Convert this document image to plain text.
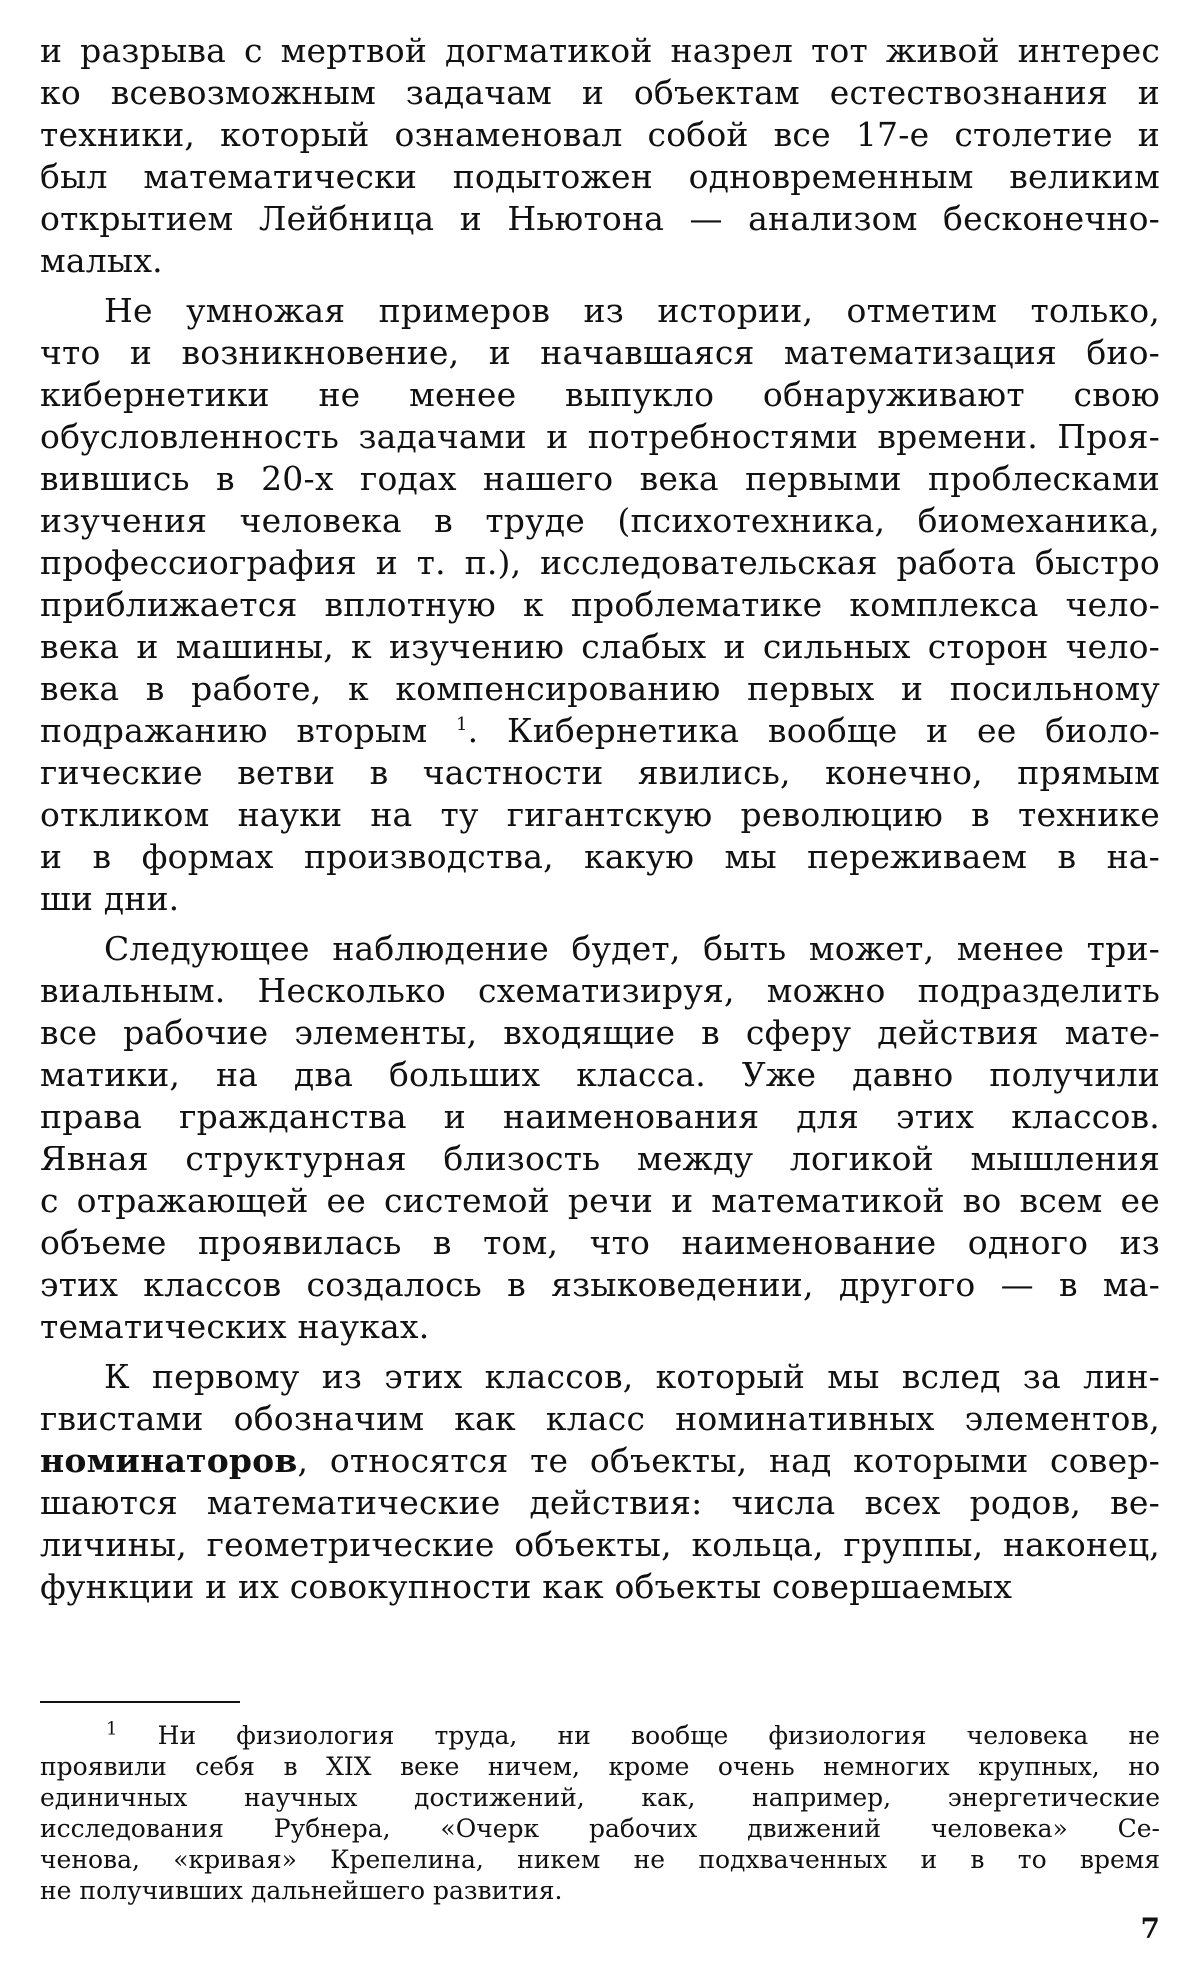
и разрыва с мертвой догматикой назрел тот живой интерес
ко всевозможным задачам и объектам естествознания и
техники, который ознаменовал собой все 17-е столетие и
был математически подытожен одновременным великим
открытием Лейбница и Ньютона — анализом бесконечно-
малых.
Не умножая примеров из истории, отметим только,
что и возникновение, и начавшаяся математизация био-
кибернетики не менее выпукло обнаруживают свою
обусловленность задачами и потребностями времени. Проя-
вившись в 20-х годах нашего века первыми проблесками
изучения человека в труде (психотехника, биомеханика,
профессиография и т. п.), исследовательская работа быстро
приближается вплотную к проблематике комплекса чело-
века и машины, к изучению слабых и сильных сторон чело-
века в работе, к компенсированию первых и посильному
подражанию вторым $^1$. Кибернетика вообще и ее биоло-
гические ветви в частности явились, конечно, прямым
откликом науки на ту гигантскую революцию в технике
и в формах производства, какую мы переживаем в на-
ши дни.
Следующее наблюдение будет, быть может, менее три-
виальным. Несколько схематизируя, можно подразделить
все рабочие элементы, входящие в сферу действия мате-
матики, на два больших класса. Уже давно получили
права гражданства и наименования для этих классов.
Явная структурная близость между логикой мышления
с отражающей ее системой речи и математикой во всем ее
объеме проявилась в том, что наименование одного из
этих классов создалось в языковедении, другого — в ма-
тематических науках.
К первому из этих классов, который мы вслед за лин-
гвистами обозначим как класс номинативных элементов,
номинаторов, относятся те объекты, над которыми совер-
шаются математические действия: числа всех родов, ве-
личины, геометрические объекты, кольца, группы, наконец,
функции и их совокупности как объекты совершаемых
$^1$ Ни физиология труда, ни вообще физиология человека не
проявили себя в XIX веке ничем, кроме очень немногих крупных, но
единичных научных достижений, как, например, энергетические
исследования Рубнера, «Очерк рабочих движений человека» Се-
ченова, «кривая» Крепелина, никем не подхваченных и в то время
не получивших дальнейшего развития.
7
